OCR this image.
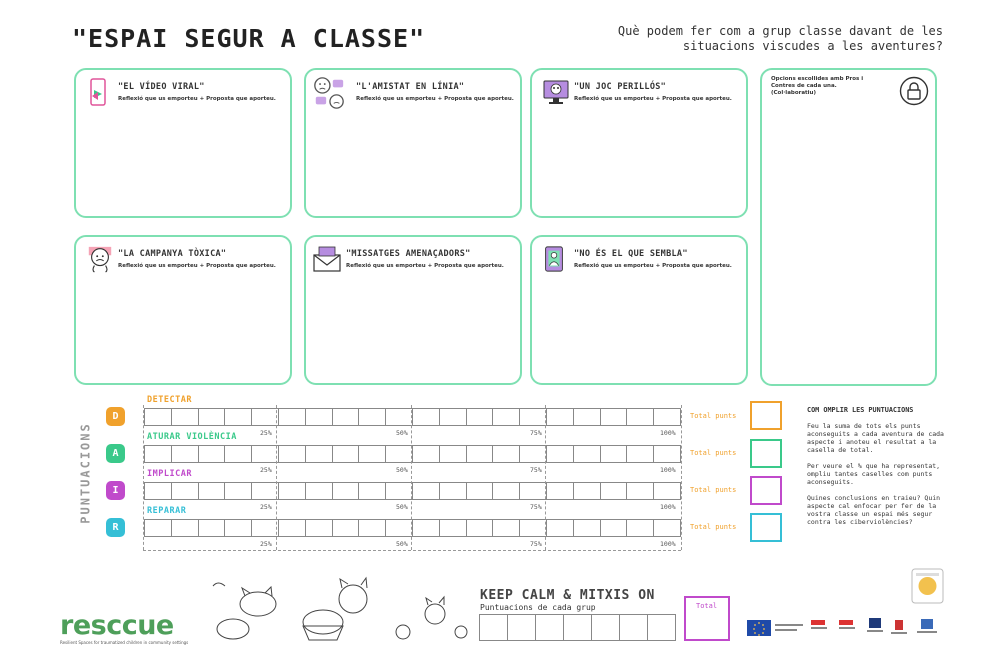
"ESPAI SEGUR A CLASSE"	Què podem fer com a grup classe davant de les
situacions viscudes a les aventures?
"EL VÍDEO VIRAL"
Reflexió que us emporteu + Proposta que aporteu.
"L'AMISTAT EN LÍNIA"
Reflexió que us emporteu + Proposta que aporteu.
"UN JOC PERILLÓS"
Reflexió que us emporteu + Proposta que aporteu.
"LA CAMPANYA TÒXICA"
Reflexió que us emporteu + Proposta que aporteu.
"MISSATGES AMENAÇADORS"
Reflexió que us emporteu + Proposta que aporteu.
"NO ÉS EL QUE SEMBLA"
Reflexió que us emporteu + Proposta que aporteu.
Opcions escollides amb Pros i
Contres de cada una.
(Col·laboratiu)
PUNTUACIONS
D
A
I
R
DETECTAR
ATURAR VIOLÈNCIA
IMPLICAR
REPARAR
25%	50%	75%	100%
25%	50%	75%	100%
25%	50%	75%	100%
25%	50%	75%	100%
Total punts
Total punts
Total punts
Total punts
COM OMPLIR LES PUNTUACIONS

Feu la suma de tots els punts aconseguits a cada aventura de cada aspecte i anoteu el resultat a la casella de total.

Per veure el % que ha representat, ompliu tantes caselles com punts aconseguits.

Quines conclusions en traieu? Quin aspecte cal enfocar per fer de la vostra classe un espai més segur contra les ciberviolències?

resccue
Resilient Spaces for traumatized children in community settings
KEEP CALM & MITXIS ON
Puntuacions de cada grup	Total
